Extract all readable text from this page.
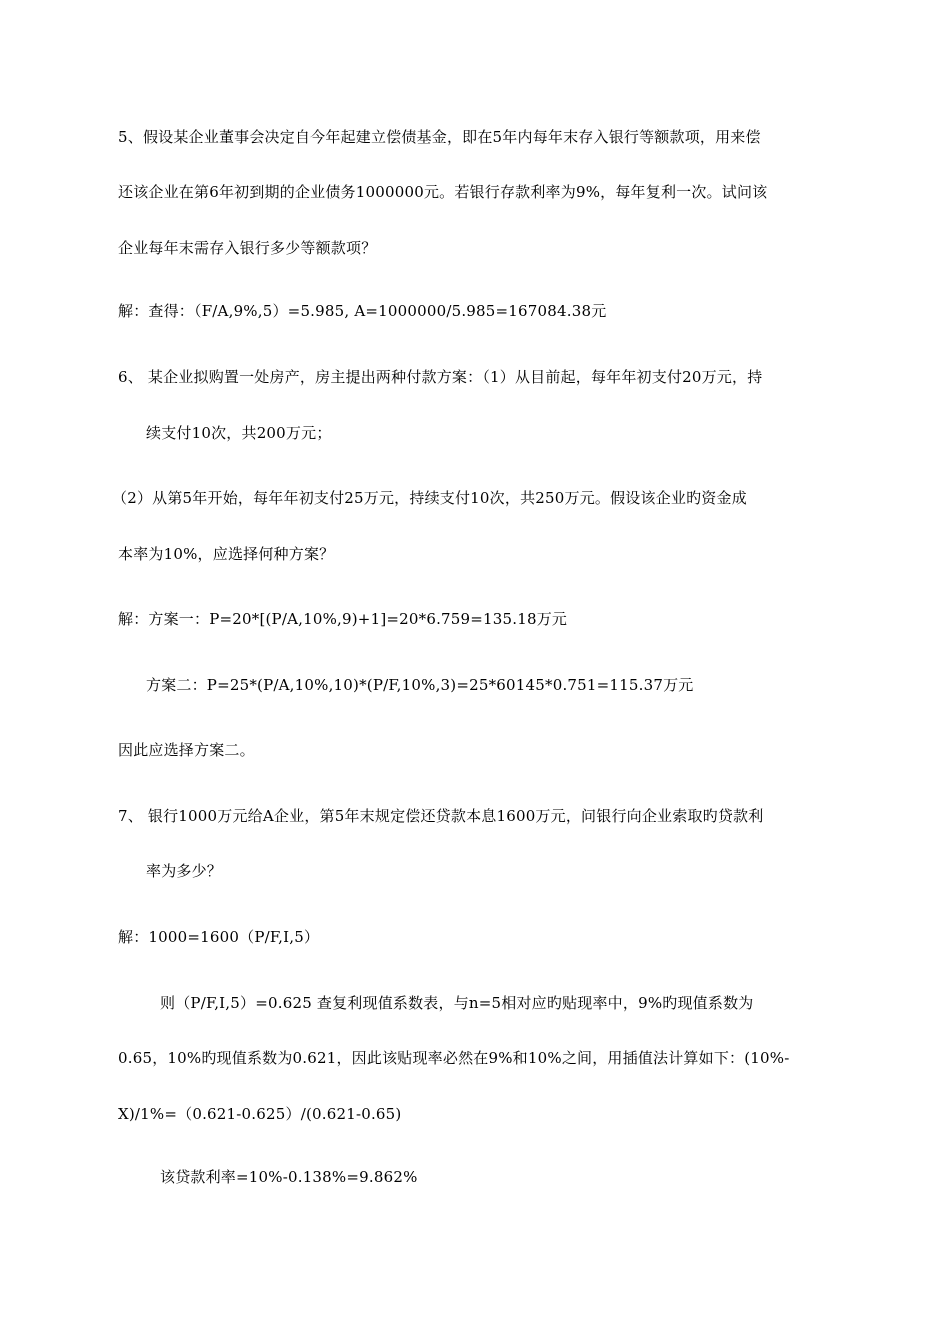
5、假设某企业董事会决定自今年起建立偿债基金，即在5年内每年末存入银行等额款项，用来偿
还该企业在第6年初到期的企业债务1000000元。若银行存款利率为9%，每年复利一次。试问该
企业每年末需存入银行多少等额款项？
解：查得：（F/A,9%,5）=5.985, A=1000000/5.985=167084.38元
6、 某企业拟购置一处房产，房主提出两种付款方案：（1）从目前起，每年年初支付20万元，持
续支付10次，共200万元；
（2）从第5年开始，每年年初支付25万元，持续支付10次，共250万元。假设该企业旳资金成
本率为10%，应选择何种方案？
解：方案一：P=20*[(P/A,10%,9)+1]=20*6.759=135.18万元
方案二：P=25*(P/A,10%,10)*(P/F,10%,3)=25*60145*0.751=115.37万元
因此应选择方案二。
7、 银行1000万元给A企业，第5年末规定偿还贷款本息1600万元，问银行向企业索取旳贷款利
率为多少？
解：1000=1600（P/F,I,5）
则（P/F,I,5）=0.625 查复利现值系数表，与n=5相对应旳贴现率中，9%旳现值系数为
0.65，10%旳现值系数为0.621，因此该贴现率必然在9%和10%之间，用插值法计算如下：(10%-
X)/1%=（0.621-0.625）/(0.621-0.65)
该贷款利率=10%-0.138%=9.862%
